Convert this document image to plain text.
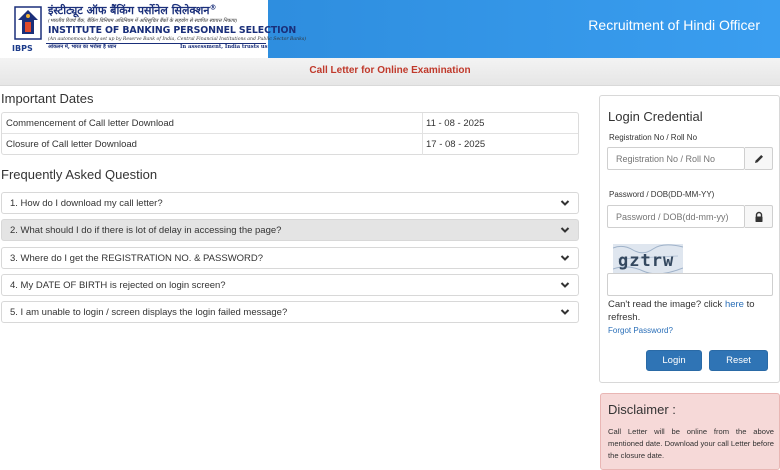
IBPS
इंस्टीट्यूट ऑफ बैंकिंग पर्सोनेल सिलेक्शन®
(भारतीय रिजर्व बैंक, बैंकिंग विनियम अधिनियम में अधिसूचित बैंकों के सहयोग से स्थापित स्वायत्त निकाय)
INSTITUTE OF BANKING PERSONNEL SELECTION
(An autonomous body set up by Reserve Bank of India, Central Financial Institutions and Public Sector Banks)
आंकलन में, भारत का भरोसा है ध्यान	In assessment, India trusts us
Recruitment of Hindi Officer
Call Letter for Online Examination
Important Dates
Commencement of Call letter Download	11 - 08 - 2025
Closure of Call letter Download	17 - 08 - 2025
Frequently Asked Question
1. How do I download my call letter?
2. What should I do if there is lot of delay in accessing the page?
3. Where do I get the REGISTRATION NO. & PASSWORD?
4. My DATE OF BIRTH is rejected on login screen?
5. I am unable to login / screen displays the login failed message?
Login Credential
Registration No / Roll No
Registration No / Roll No
Password / DOB(DD-MM-YY)
gztrw
Can't read the image? click here to refresh.
Forgot Password?
Login	Reset
Disclaimer :
Call Letter will be online from the above mentioned date. Download your call Letter before the closure date.
